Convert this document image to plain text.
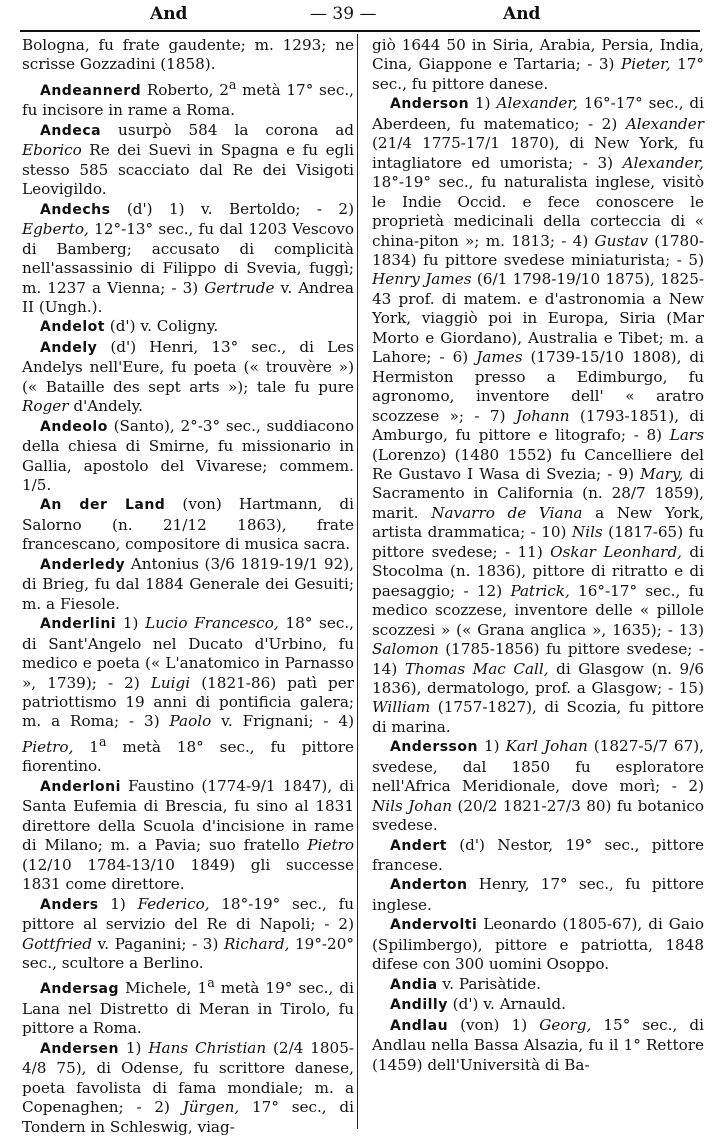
And	— 39 —	And

Bologna, fu frate gaudente; m. 1293; ne scrisse Gozzadini (1858).

Andeannerd Roberto, 2$^a$ metà 17° sec., fu incisore in rame a Roma.

Andeca usurpò 584 la corona ad Eborico Re dei Suevi in Spagna e fu egli stesso 585 scacciato dal Re dei Visigoti Leovigildo.

Andechs (d') 1) v. Bertoldo; - 2) Egberto, 12°-13° sec., fu dal 1203 Vescovo di Bamberg; accusato di complicità nell'assassinio di Filippo di Svevia, fuggì; m. 1237 a Vienna; - 3) Gertrude v. Andrea II (Ungh.).

Andelot (d') v. Coligny.

Andely (d') Henri, 13° sec., di Les Andelys nell'Eure, fu poeta (« trouvère ») (« Bataille des sept arts »); tale fu pure Roger d'Andely.

Andeolo (Santo), 2°-3° sec., suddiacono della chiesa di Smirne, fu missionario in Gallia, apostolo del Vivarese; commem. 1/5.

An der Land (von) Hartmann, di Salorno (n. 21/12 1863), frate francescano, compositore di musica sacra.

Anderledy Antonius (3/6 1819-19/1 92), di Brieg, fu dal 1884 Generale dei Gesuiti; m. a Fiesole.

Anderlini 1) Lucio Francesco, 18° sec., di Sant'Angelo nel Ducato d'Urbino, fu medico e poeta (« L'anatomico in Parnasso », 1739); - 2) Luigi (1821-86) patì per patriottismo 19 anni di pontificia galera; m. a Roma; - 3) Paolo v. Frignani; - 4) Pietro, 1$^a$ metà 18° sec., fu pittore fiorentino.

Anderloni Faustino (1774-9/1 1847), di Santa Eufemia di Brescia, fu sino al 1831 direttore della Scuola d'incisione in rame di Milano; m. a Pavia; suo fratello Pietro (12/10 1784-13/10 1849) gli successe 1831 come direttore.

Anders 1) Federico, 18°-19° sec., fu pittore al servizio del Re di Napoli; - 2) Gottfried v. Paganini; - 3) Richard, 19°-20° sec., scultore a Berlino.

Andersag Michele, 1$^a$ metà 19° sec., di Lana nel Distretto di Meran in Tirolo, fu pittore a Roma.

Andersen 1) Hans Christian (2/4 1805-4/8 75), di Odense, fu scrittore danese, poeta favolista di fama mondiale; m. a Copenaghen; - 2) Jürgen, 17° sec., di Tondern in Schleswig, viag-

giò 1644 50 in Siria, Arabia, Persia, India, Cina, Giappone e Tartaria; - 3) Pieter, 17° sec., fu pittore danese.

Anderson 1) Alexander, 16°-17° sec., di Aberdeen, fu matematico; - 2) Alexander (21/4 1775-17/1 1870), di New York, fu intagliatore ed umorista; - 3) Alexander, 18°-19° sec., fu naturalista inglese, visitò le Indie Occid. e fece conoscere le proprietà medicinali della corteccia di « china-piton »; m. 1813; - 4) Gustav (1780-1834) fu pittore svedese miniaturista; - 5) Henry James (6/1 1798-19/10 1875), 1825-43 prof. di matem. e d'astronomia a New York, viaggiò poi in Europa, Siria (Mar Morto e Giordano), Australia e Tibet; m. a Lahore; - 6) James (1739-15/10 1808), di Hermiston presso a Edimburgo, fu agronomo, inventore dell' « aratro scozzese »; - 7) Johann (1793-1851), di Amburgo, fu pittore e litografo; - 8) Lars (Lorenzo) (1480 1552) fu Cancelliere del Re Gustavo I Wasa di Svezia; - 9) Mary, di Sacramento in California (n. 28/7 1859), marit. Navarro de Viana a New York, artista drammatica; - 10) Nils (1817-65) fu pittore svedese; - 11) Oskar Leonhard, di Stocolma (n. 1836), pittore di ritratto e di paesaggio; - 12) Patrick, 16°-17° sec., fu medico scozzese, inventore delle « pillole scozzesi » (« Grana anglica », 1635); - 13) Salomon (1785-1856) fu pittore svedese; - 14) Thomas Mac Call, di Glasgow (n. 9/6 1836), dermatologo, prof. a Glasgow; - 15) William (1757-1827), di Scozia, fu pittore di marina.

Andersson 1) Karl Johan (1827-5/7 67), svedese, dal 1850 fu esploratore nell'Africa Meridionale, dove morì; - 2) Nils Johan (20/2 1821-27/3 80) fu botanico svedese.

Andert (d') Nestor, 19° sec., pittore francese.

Anderton Henry, 17° sec., fu pittore inglese.

Andervolti Leonardo (1805-67), di Gaio (Spilimbergo), pittore e patriotta, 1848 difese con 300 uomini Osoppo.

Andia v. Parisàtide.

Andilly (d') v. Arnauld.

Andlau (von) 1) Georg, 15° sec., di Andlau nella Bassa Alsazia, fu il 1° Rettore (1459) dell'Università di Ba-
